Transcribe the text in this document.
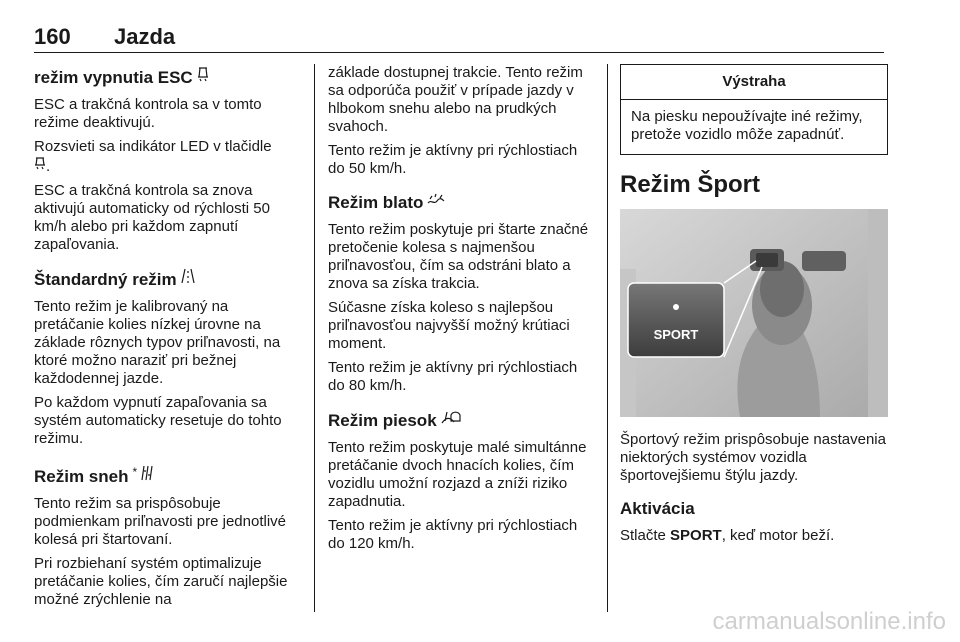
160 Jazda
režim vypnutia ESC

ESC a trakčná kontrola sa v tomto režime deaktivujú.

Rozsvieti sa indikátor LED v tlačidle
.

ESC a trakčná kontrola sa znova aktivujú automaticky od rýchlosti 50 km/h alebo pri každom zapnutí zapaľovania.

Štandardný režim

Tento režim je kalibrovaný na pretáčanie kolies nízkej úrovne na základe rôznych typov priľnavosti, na ktoré možno naraziť pri bežnej každodennej jazde.

Po každom vypnutí zapaľovania sa systém automaticky resetuje do tohto režimu.

Režim sneh *

Tento režim sa prispôsobuje podmienkam priľnavosti pre jednotlivé kolesá pri štartovaní.

Pri rozbiehaní systém optimalizuje pretáčanie kolies, čím zaručí najlepšie možné zrýchlenie na

základe dostupnej trakcie. Tento režim sa odporúča použiť v prípade jazdy v hlbokom snehu alebo na prudkých svahoch.

Tento režim je aktívny pri rýchlostiach do 50 km/h.

Režim blato

Tento režim poskytuje pri štarte značné pretočenie kolesa s najmenšou priľnavosťou, čím sa odstráni blato a znova sa získa trakcia.

Súčasne získa koleso s najlepšou priľnavosťou najvyšší možný krútiaci moment.

Tento režim je aktívny pri rýchlostiach do 80 km/h.

Režim piesok

Tento režim poskytuje malé simultánne pretáčanie dvoch hnacích kolies, čím vozidlu umožní rozjazd a zníži riziko zapadnutia.

Tento režim je aktívny pri rýchlostiach do 120 km/h.

Výstraha
Na piesku nepoužívajte iné režimy, pretože vozidlo môže zapadnúť.
Režim Šport
SPORT

Športový režim prispôsobuje nastavenia niektorých systémov vozidla športovejšiemu štýlu jazdy.

Aktivácia

Stlačte SPORT, keď motor beží.

carmanualsonline.info
